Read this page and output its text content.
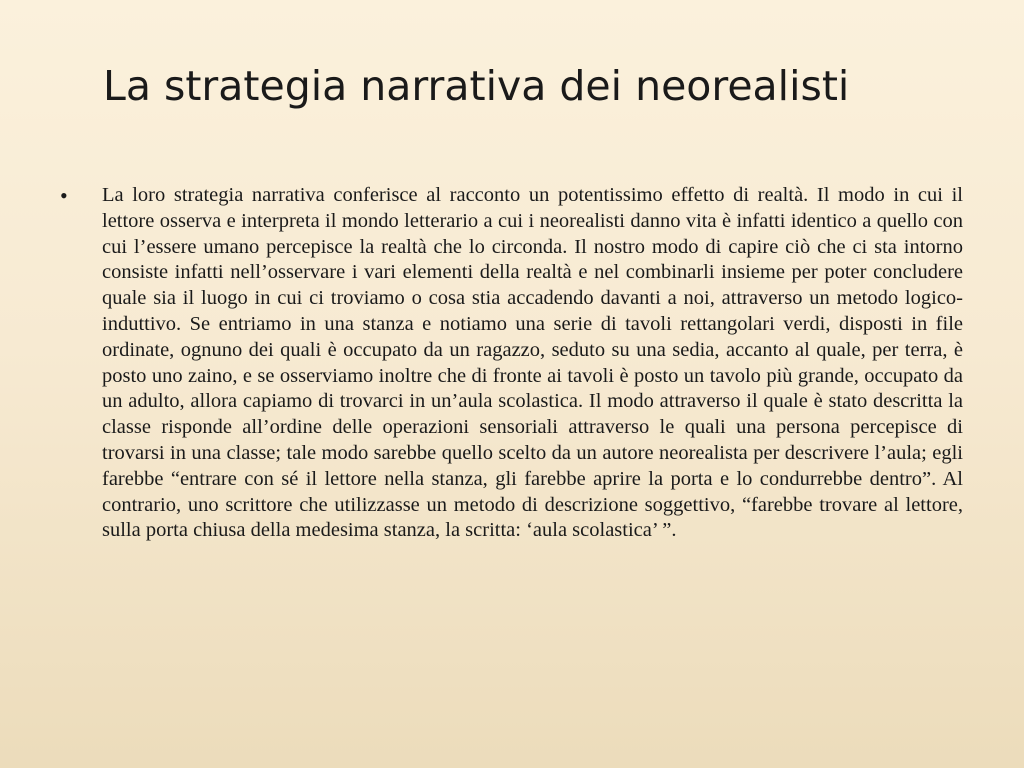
La strategia narrativa dei neorealisti
• La loro strategia narrativa conferisce al racconto un potentissimo effetto di realtà. Il modo in cui il lettore osserva e interpreta il mondo letterario a cui i neorealisti danno vita è infatti identico a quello con cui l’essere umano percepisce la realtà che lo circonda. Il nostro modo di capire ciò che ci sta intorno consiste infatti nell’osservare i vari elementi della realtà e nel combinarli insieme per poter concludere quale sia il luogo in cui ci troviamo o cosa stia accadendo davanti a noi, attraverso un metodo logico-induttivo. Se entriamo in una stanza e notiamo una serie di tavoli rettangolari verdi, disposti in file ordinate, ognuno dei quali è occupato da un ragazzo, seduto su una sedia, accanto al quale, per terra, è posto uno zaino, e se osserviamo inoltre che di fronte ai tavoli è posto un tavolo più grande, occupato da un adulto, allora capiamo di trovarci in un’aula scolastica. Il modo attraverso il quale è stato descritta la classe risponde all’ordine delle operazioni sensoriali attraverso le quali una persona percepisce di trovarsi in una classe; tale modo sarebbe quello scelto da un autore neorealista per descrivere l’aula; egli farebbe “entrare con sé il lettore nella stanza, gli farebbe aprire la porta e lo condurrebbe dentro”. Al contrario, uno scrittore che utilizzasse un metodo di descrizione soggettivo, “farebbe trovare al lettore, sulla porta chiusa della medesima stanza, la scritta: ‘aula scolastica’ ”.
